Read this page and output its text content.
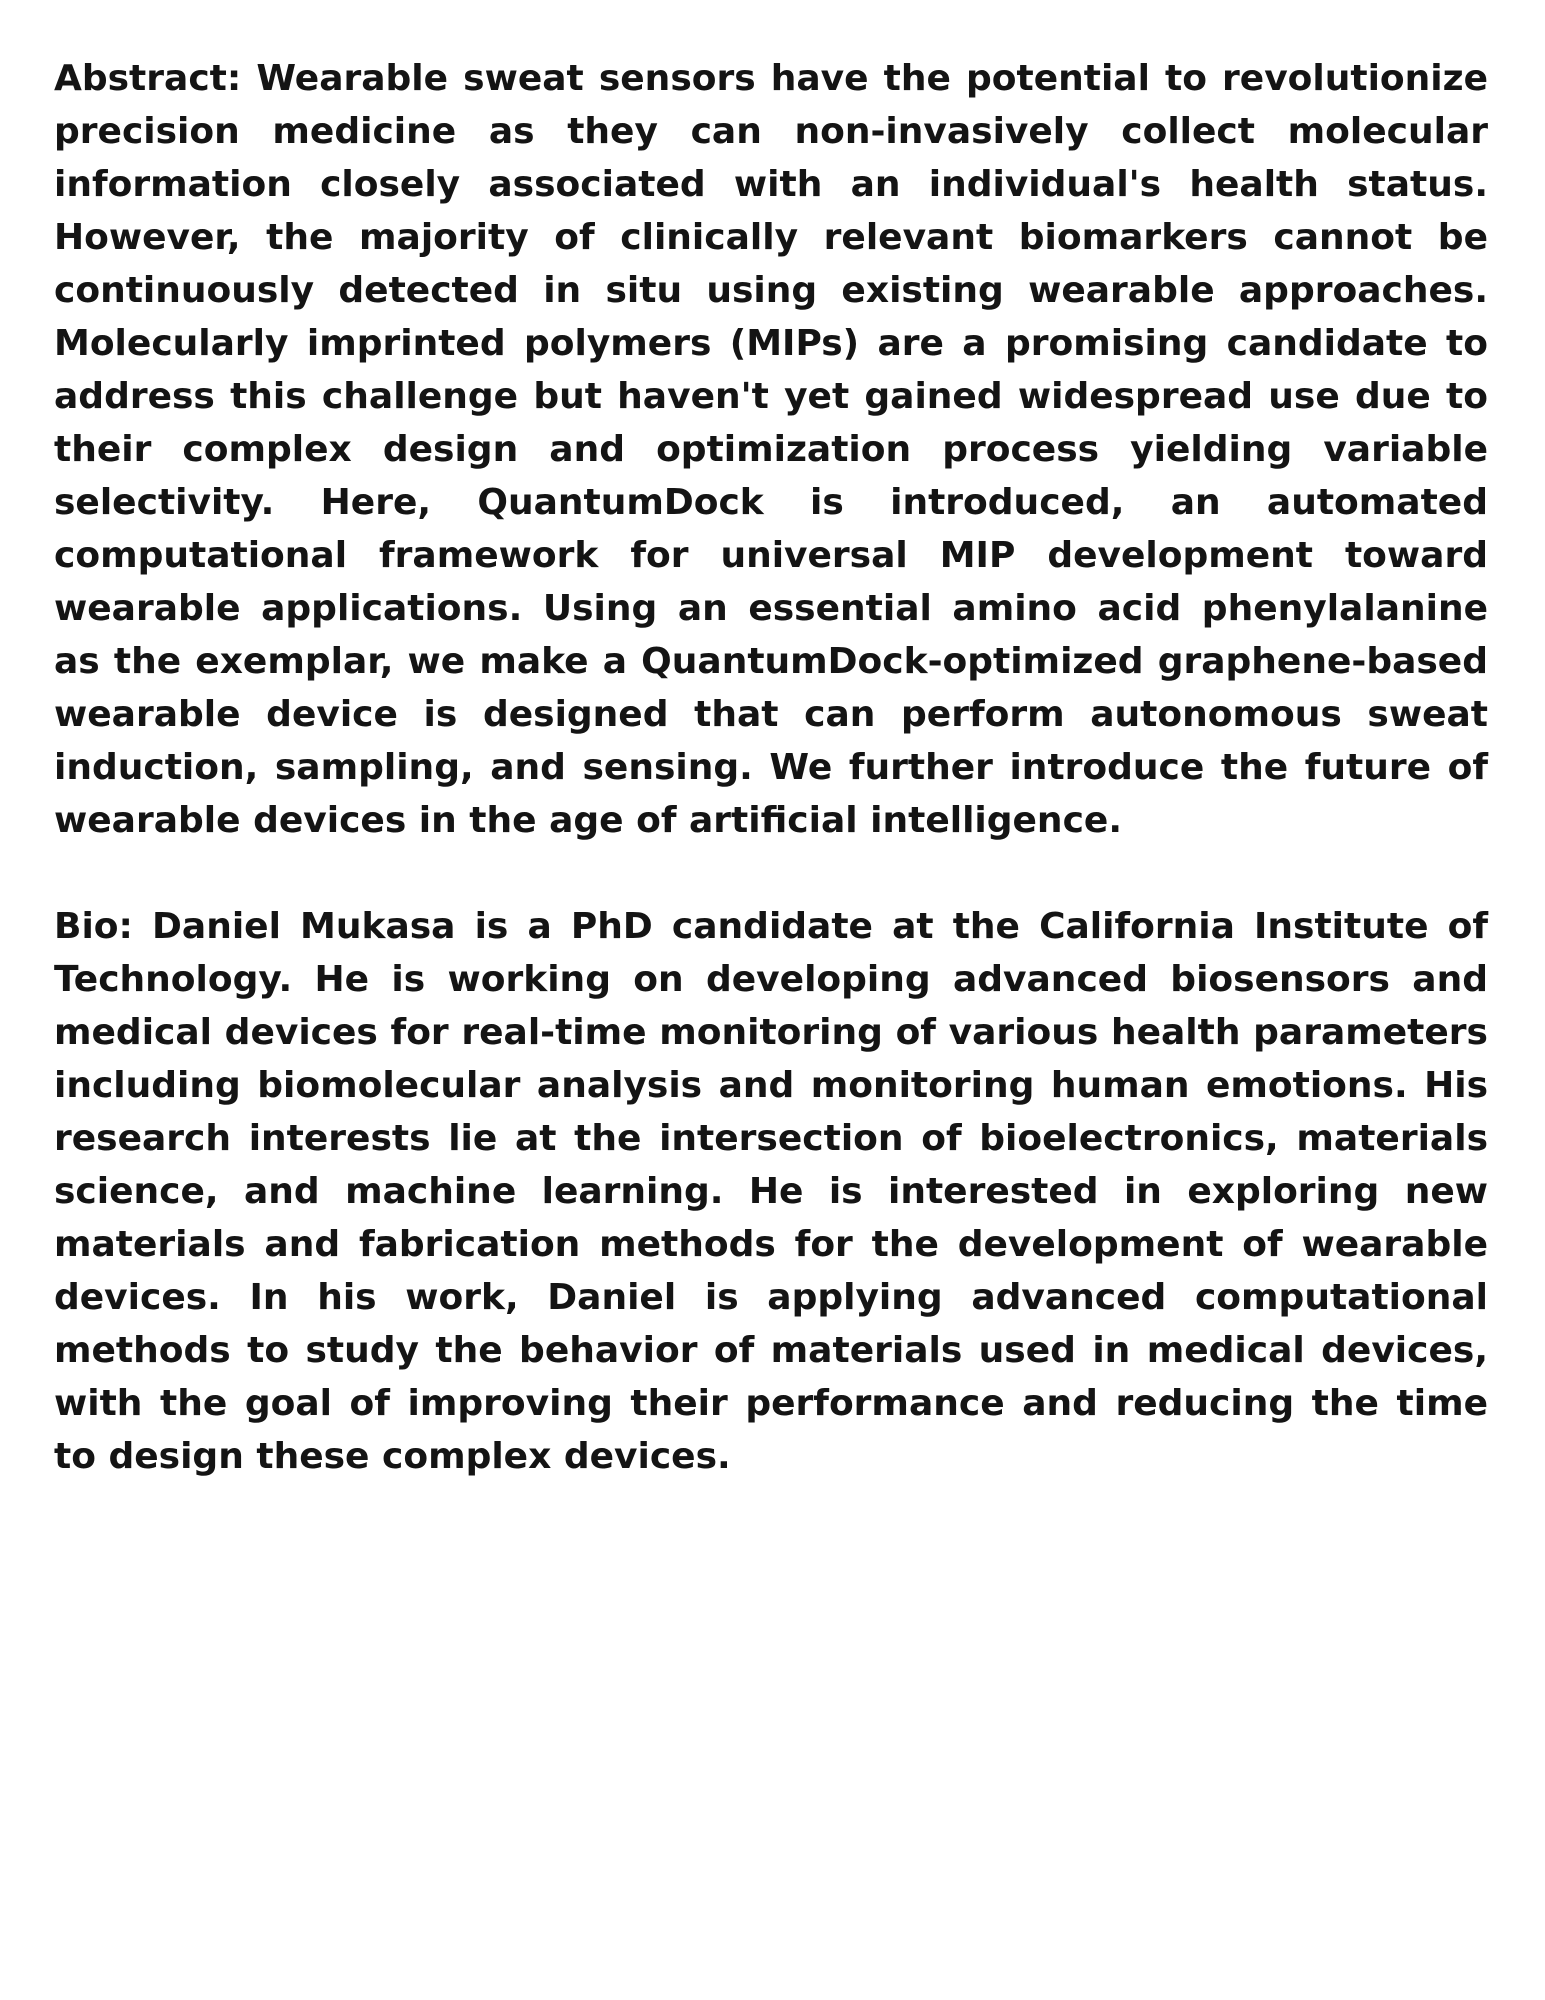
Abstract: Wearable sweat sensors have the potential to revolutionize precision medicine as they can non-invasively collect molecular information closely associated with an individual's health status. However, the majority of clinically relevant biomarkers cannot be continuously detected in situ using existing wearable approaches. Molecularly imprinted polymers (MIPs) are a promising candidate to address this challenge but haven't yet gained widespread use due to their complex design and optimization process yielding variable selectivity. Here, QuantumDock is introduced, an automated computational framework for universal MIP development toward wearable applications. Using an essential amino acid phenylalanine as the exemplar, we make a QuantumDock-optimized graphene-based wearable device is designed that can perform autonomous sweat induction, sampling, and sensing. We further introduce the future of wearable devices in the age of artificial intelligence.

Bio: Daniel Mukasa is a PhD candidate at the California Institute of Technology. He is working on developing advanced biosensors and medical devices for real-time monitoring of various health parameters including biomolecular analysis and monitoring human emotions. His research interests lie at the intersection of bioelectronics, materials science, and machine learning. He is interested in exploring new materials and fabrication methods for the development of wearable devices. In his work, Daniel is applying advanced computational methods to study the behavior of materials used in medical devices, with the goal of improving their performance and reducing the time to design these complex devices.
